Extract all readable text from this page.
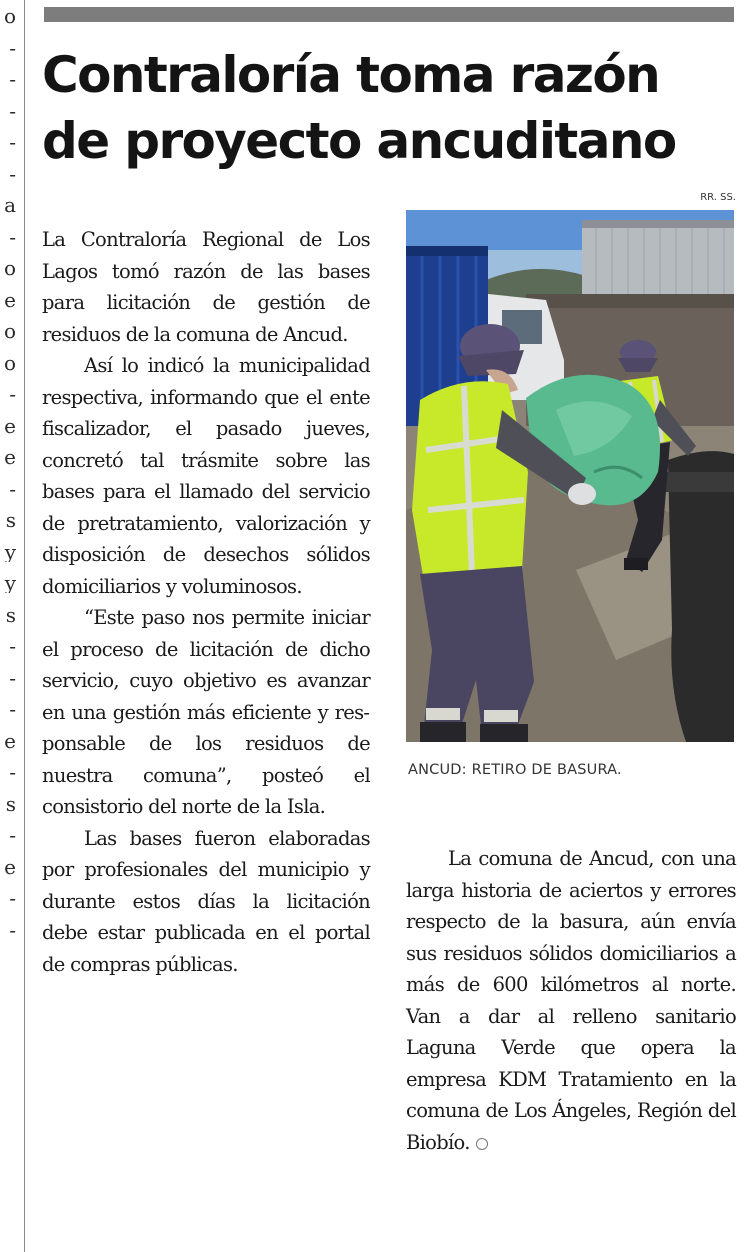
o
-
-
-
-
-
a
-
o
e
o
o
-
e
e
-
s
y
y
s
-
-
-
e
-
s
-
e
-
-
Contraloría toma razón
de proyecto ancuditano
RR. SS.

La Contraloría Regional de Los Lagos tomó razón de las bases para licitación de gestión de residuos de la comuna de Ancud.

Así lo indicó la municipalidad respectiva, informando que el ente fiscalizador, el pasado jueves, concretó tal trásmite sobre las bases para el llamado del servicio de pretratamiento, valorización y disposición de desechos sólidos domiciliarios y voluminosos.

“Este paso nos permite iniciar el proceso de licitación de dicho servicio, cuyo objetivo es avanzar en una gestión más eficiente y responsable de los residuos de nuestra comuna”, posteó el consistorio del norte de la Isla.

Las bases fueron elaboradas por profesionales del municipio y durante estos días la licitación debe estar publicada en el portal de compras públicas.

ANCUD: RETIRO DE BASURA.

La comuna de Ancud, con una larga historia de aciertos y errores respecto de la basura, aún envía sus residuos sólidos domiciliarios a más de 600 kilómetros al norte. Van a dar al relleno sanitario Laguna Verde que opera la empresa KDM Tratamiento en la comuna de Los Ángeles, Región del Biobío.
